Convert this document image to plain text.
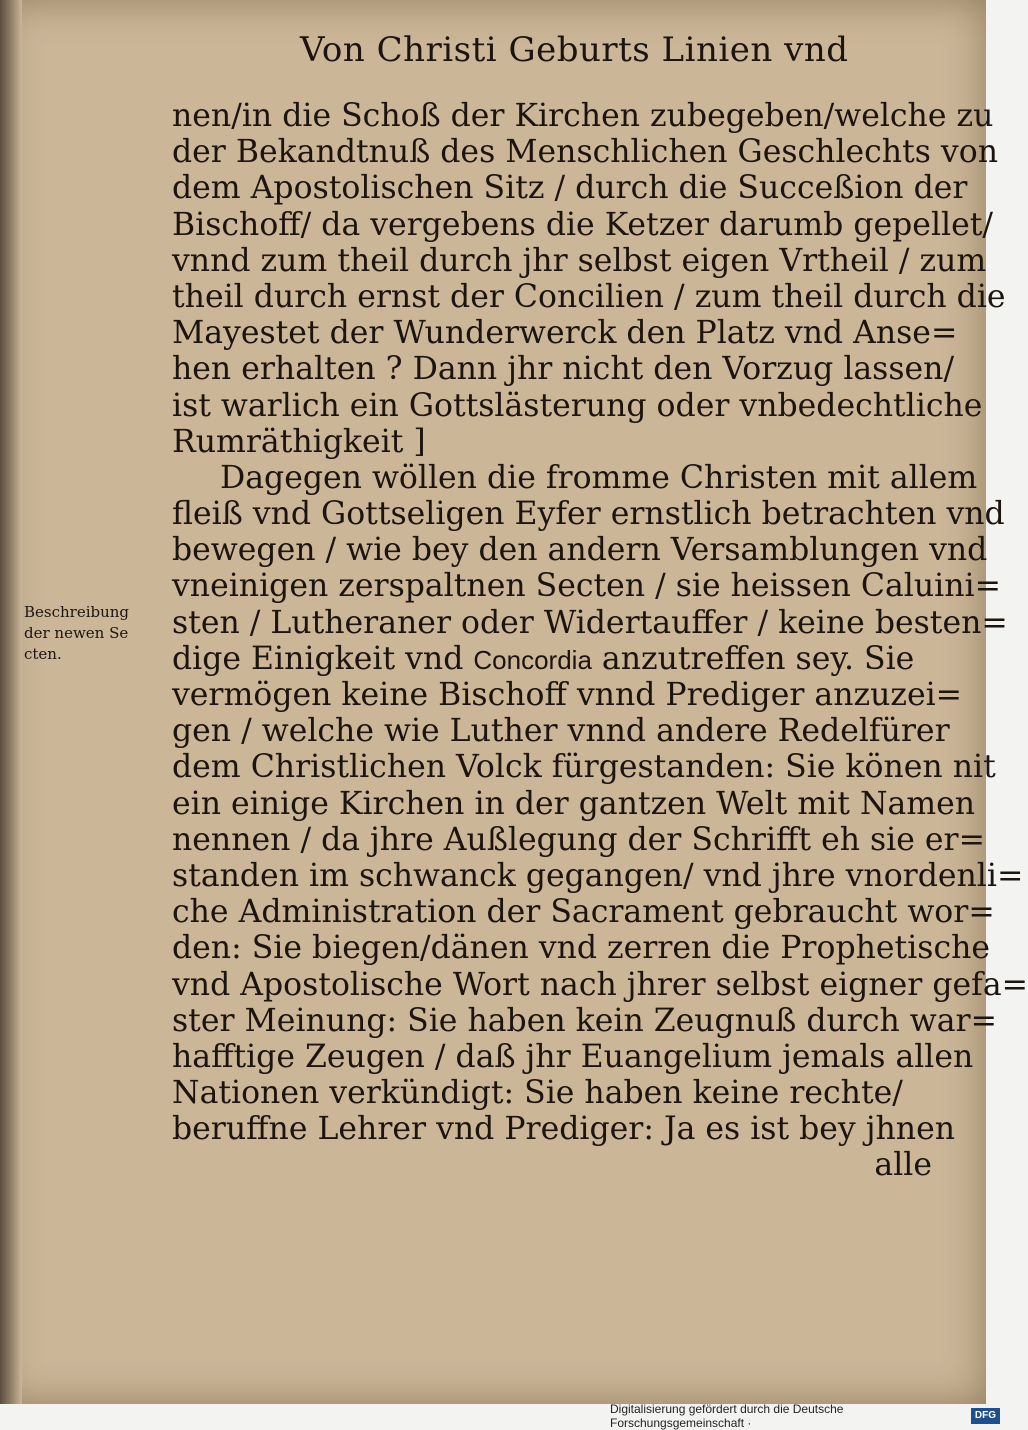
Von Christi Geburts Linien vnd
Beschreibung
der newen Se
cten.
nen/in die Schoß der Kirchen zubegeben/welche zu
der Bekandtnuß des Menschlichen Geschlechts von
dem Apostolischen Sitz / durch die Succeßion der
Bischoff/ da vergebens die Ketzer darumb gepellet/
vnnd zum theil durch jhr selbst eigen Vrtheil / zum
theil durch ernst der Concilien / zum theil durch die
Mayestet der Wunderwerck den Platz vnd Anse=
hen erhalten ? Dann jhr nicht den Vorzug lassen/
ist warlich ein Gottslästerung oder vnbedechtliche
Rumräthigkeit ]
Dagegen wöllen die fromme Christen mit allem
fleiß vnd Gottseligen Eyfer ernstlich betrachten vnd
bewegen / wie bey den andern Versamblungen vnd
vneinigen zerspaltnen Secten / sie heissen Caluini=
sten / Lutheraner oder Widertauffer / keine besten=
dige Einigkeit vnd Concordia anzutreffen sey. Sie
vermögen keine Bischoff vnnd Prediger anzuzei=
gen / welche wie Luther vnnd andere Redelfürer
dem Christlichen Volck fürgestanden: Sie könen nit
ein einige Kirchen in der gantzen Welt mit Namen
nennen / da jhre Außlegung der Schrifft eh sie er=
standen im schwanck gegangen/ vnd jhre vnordenli=
che Administration der Sacrament gebraucht wor=
den: Sie biegen/dänen vnd zerren die Prophetische
vnd Apostolische Wort nach jhrer selbst eigner gefa=
ster Meinung: Sie haben kein Zeugnuß durch war=
hafftige Zeugen / daß jhr Euangelium jemals allen
Nationen verkündigt: Sie haben keine rechte/
beruffne Lehrer vnd Prediger: Ja es ist bey jhnen
alle
Digitalisierung gefördert durch die Deutsche Forschungsgemeinschaft ·
DFG
